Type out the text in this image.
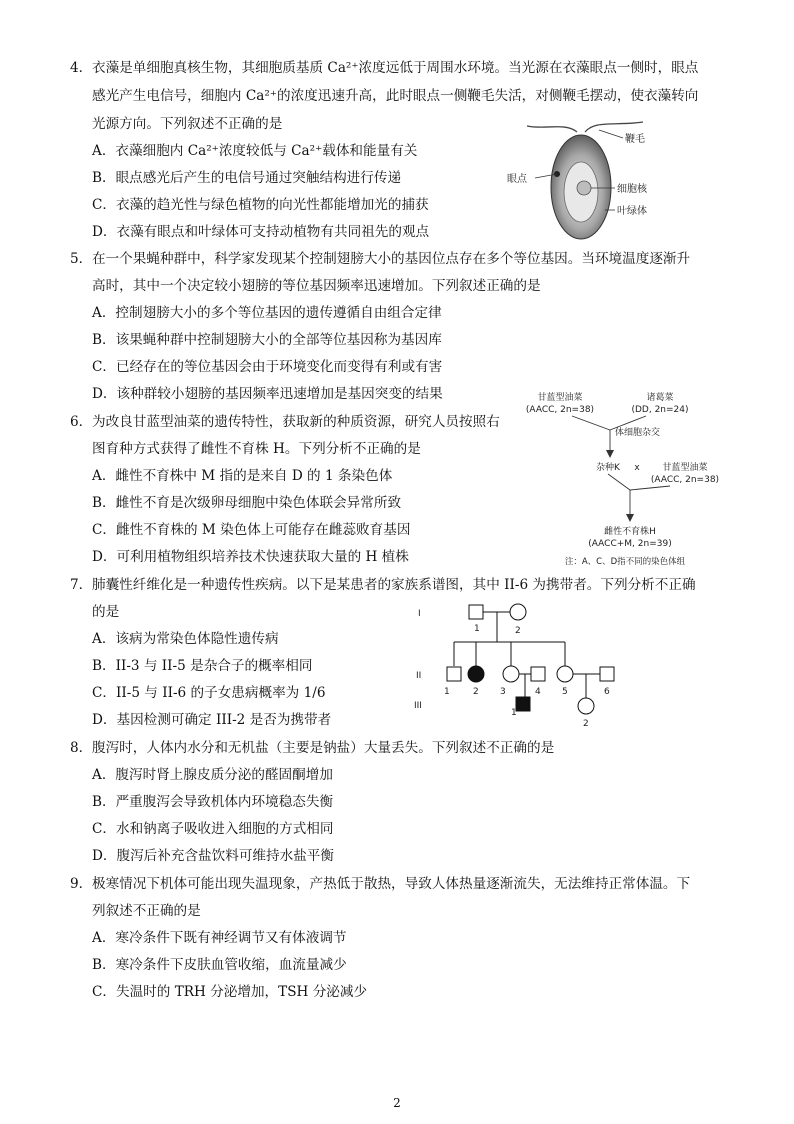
4．衣藻是单细胞真核生物，其细胞质基质 Ca²⁺浓度远低于周围水环境。当光源在衣藻眼点一侧时，眼点
感光产生电信号，细胞内 Ca²⁺的浓度迅速升高，此时眼点一侧鞭毛失活，对侧鞭毛摆动，使衣藻转向
光源方向。下列叙述不正确的是
A．衣藻细胞内 Ca²⁺浓度较低与 Ca²⁺载体和能量有关
B．眼点感光后产生的电信号通过突触结构进行传递
C．衣藻的趋光性与绿色植物的向光性都能增加光的捕获
D．衣藻有眼点和叶绿体可支持动植物有共同祖先的观点
鞭毛
眼点
细胞核
叶绿体
5．在一个果蝇种群中，科学家发现某个控制翅膀大小的基因位点存在多个等位基因。当环境温度逐渐升
高时，其中一个决定较小翅膀的等位基因频率迅速增加。下列叙述正确的是
A．控制翅膀大小的多个等位基因的遗传遵循自由组合定律
B．该果蝇种群中控制翅膀大小的全部等位基因称为基因库
C．已经存在的等位基因会由于环境变化而变得有利或有害
D．该种群较小翅膀的基因频率迅速增加是基因突变的结果
6．为改良甘蓝型油菜的遗传特性，获取新的种质资源，研究人员按照右
图育种方式获得了雌性不育株 H。下列分析不正确的是
A．雌性不育株中 M 指的是来自 D 的 1 条染色体
B．雌性不育是次级卵母细胞中染色体联会异常所致
C．雌性不育株的 M 染色体上可能存在雌蕊败育基因
D．可利用植物组织培养技术快速获取大量的 H 植株
甘蓝型油菜
(AACC, 2n=38)
诸葛菜
(DD, 2n=24)
体细胞杂交
杂种K x	甘蓝型油菜
(AACC, 2n=38)
雌性不育株H
(AACC+M, 2n=39)
注：A、C、D指不同的染色体组
7．肺囊性纤维化是一种遗传性疾病。以下是某患者的家族系谱图，其中 II-6 为携带者。下列分析不正确
的是
A．该病为常染色体隐性遗传病
B．II-3 与 II-5 是杂合子的概率相同
C．II-5 与 II-6 的子女患病概率为 1/6
D．基因检测可确定 III-2 是否为携带者
I
II
III
1	2
1	2 3	4 5	6
1
2
8．腹泻时，人体内水分和无机盐（主要是钠盐）大量丢失。下列叙述不正确的是
A．腹泻时肾上腺皮质分泌的醛固酮增加
B．严重腹泻会导致机体内环境稳态失衡
C．水和钠离子吸收进入细胞的方式相同
D．腹泻后补充含盐饮料可维持水盐平衡
9．极寒情况下机体可能出现失温现象，产热低于散热，导致人体热量逐渐流失，无法维持正常体温。下
列叙述不正确的是
A．寒冷条件下既有神经调节又有体液调节
B．寒冷条件下皮肤血管收缩，血流量减少
C．失温时的 TRH 分泌增加，TSH 分泌减少
2
